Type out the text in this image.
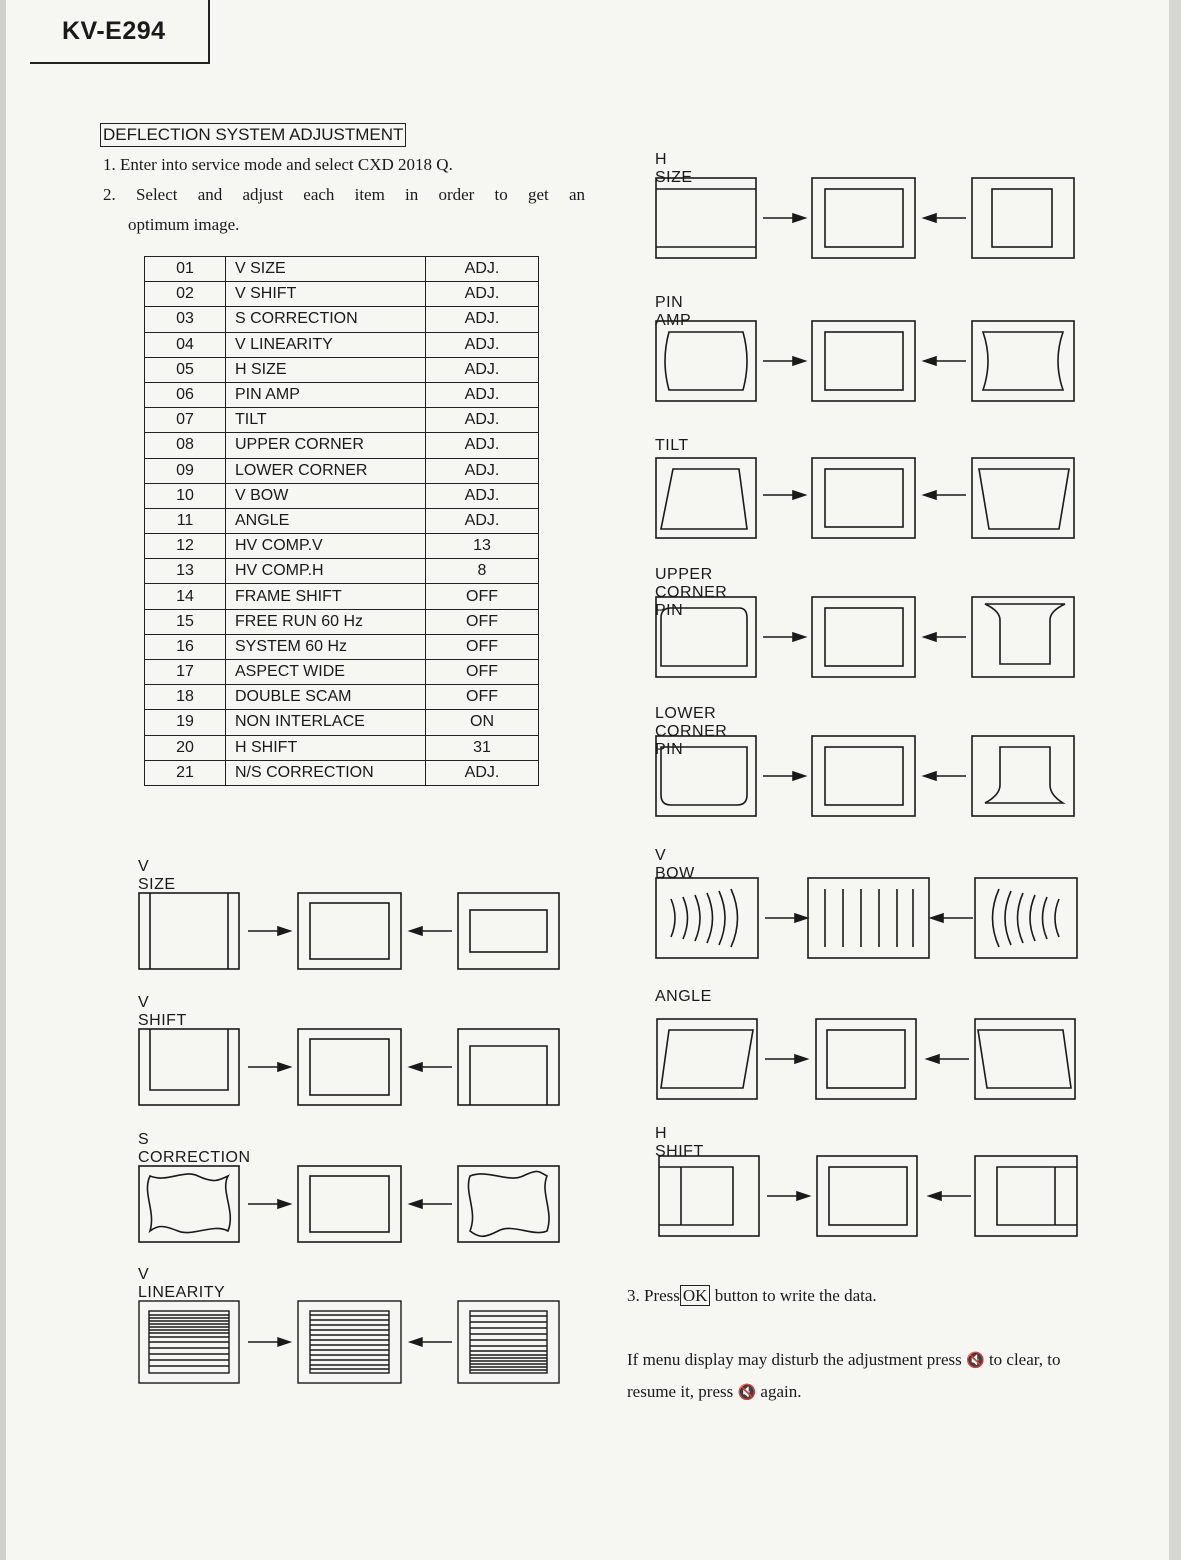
KV-E294
DEFLECTION SYSTEM ADJUSTMENT
1. Enter into service mode and select CXD 2018 Q.
2. Select and adjust each item in order to get an
optimum image.
01	V SIZE	ADJ.
02	V SHIFT	ADJ.
03	S CORRECTION	ADJ.
04	V LINEARITY	ADJ.
05	H SIZE	ADJ.
06	PIN AMP	ADJ.
07	TILT	ADJ.
08	UPPER CORNER	ADJ.
09	LOWER CORNER	ADJ.
10	V BOW	ADJ.
11	ANGLE	ADJ.
12	HV COMP.V	13
13	HV COMP.H	8
14	FRAME SHIFT	OFF
15	FREE RUN 60 Hz	OFF
16	SYSTEM 60 Hz	OFF
17	ASPECT WIDE	OFF
18	DOUBLE SCAM	OFF
19	NON INTERLACE	ON
20	H SHIFT	31
21	N/S CORRECTION	ADJ.
V SIZE
V SHIFT
S CORRECTION
V LINEARITY
H SIZE
PIN AMP
TILT
UPPER CORNER PIN
LOWER CORNER PIN
V BOW
ANGLE
H SHIFT
3. Press OK button to write the data.
If menu display may disturb the adjustment press 🔇 to clear, to resume it, press 🔇 again.
